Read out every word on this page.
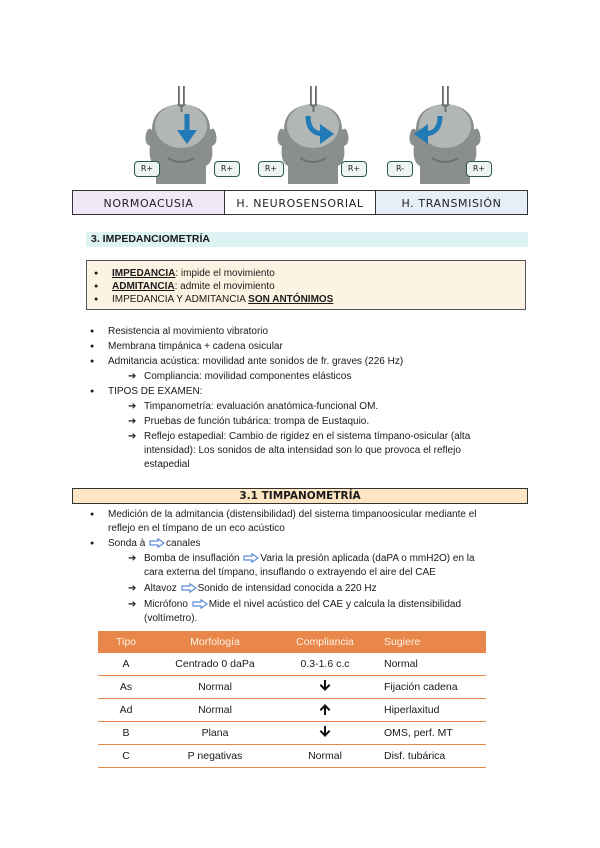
R+	R+	R+	R+	R-	R+
NORMOACUSIA	H. NEUROSENSORIAL	H. TRANSMISIÓN
3. IMPEDANCIOMETRÍA
● IMPEDANCIA: impide el movimiento
● ADMITANCIA: admite el movimiento
● IMPEDANCIA Y ADMITANCIA SON ANTÓNIMOS
● Resistencia al movimiento vibratorio
● Membrana timpánica + cadena osicular
● Admitancia acústica: movilidad ante sonidos de fr. graves (226 Hz)
➔ Compliancia: movilidad componentes elásticos
● TIPOS DE EXAMEN:
➔ Timpanometría: evaluación anatómica-funcional OM.
➔ Pruebas de función tubárica: trompa de Eustaquio.
➔ Reflejo estapedial: Cambio de rigidez en el sistema tímpano-osicular (alta
intensidad): Los sonidos de alta intensidad son lo que provoca el reflejo
estapedial
3.1 TIMPANOMETRÍA
● Medición de la admitancia (distensibilidad) del sistema timpanoosicular mediante el
reflejo en el tímpano de un eco acústico
● Sonda à canales
➔ Bomba de insuflación Varia la presión aplicada (daPA o mmH2O) en la
cara externa del tímpano, insuflando o extrayendo el aire del CAE
➔ Altavoz Sonido de intensidad conocida a 220 Hz
➔ Micrófono Mide el nivel acústico del CAE y calcula la distensibilidad
(voltímetro).
Tipo	Morfología	Compliancia	Sugiere
A	Centrado 0 daPa	0.3-1.6 c.c	Normal
As	Normal		Fijación cadena
Ad	Normal		Hiperlaxitud
B	Plana		OMS, perf. MT
C	P negativas	Normal	Disf. tubárica
